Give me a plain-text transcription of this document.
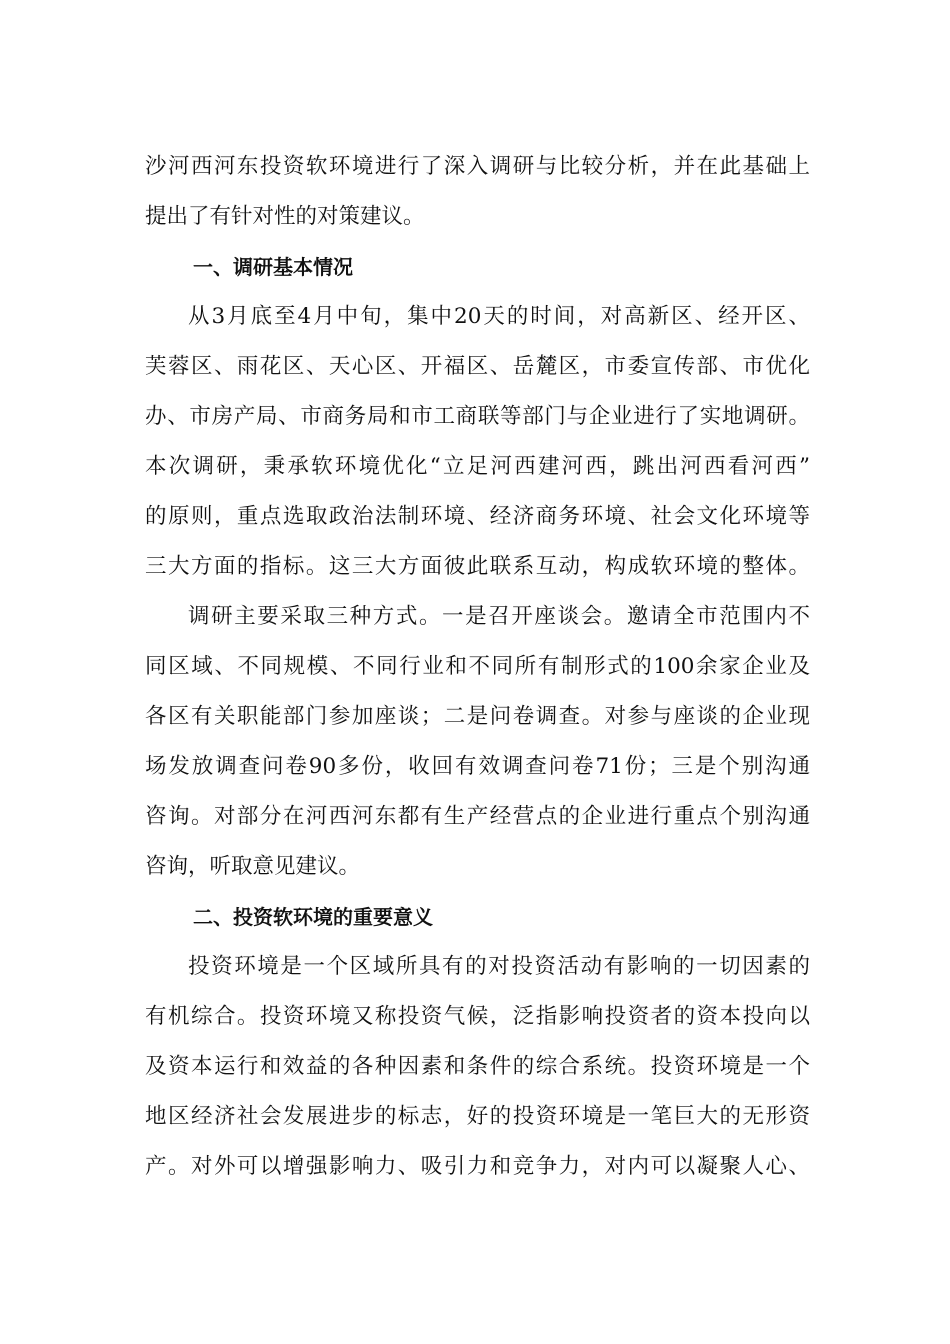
沙河西河东投资软环境进行了深入调研与比较分析，并在此基础上
提出了有针对性的对策建议。
一、调研基本情况
从3月底至4月中旬，集中20天的时间，对高新区、经开区、
芙蓉区、雨花区、天心区、开福区、岳麓区，市委宣传部、市优化
办、市房产局、市商务局和市工商联等部门与企业进行了实地调研。
本次调研，秉承软环境优化“立足河西建河西，跳出河西看河西”
的原则，重点选取政治法制环境、经济商务环境、社会文化环境等
三大方面的指标。这三大方面彼此联系互动，构成软环境的整体。
调研主要采取三种方式。一是召开座谈会。邀请全市范围内不
同区域、不同规模、不同行业和不同所有制形式的100余家企业及
各区有关职能部门参加座谈；二是问卷调查。对参与座谈的企业现
场发放调查问卷90多份，收回有效调查问卷71份；三是个别沟通
咨询。对部分在河西河东都有生产经营点的企业进行重点个别沟通
咨询，听取意见建议。
二、投资软环境的重要意义
投资环境是一个区域所具有的对投资活动有影响的一切因素的
有机综合。投资环境又称投资气候，泛指影响投资者的资本投向以
及资本运行和效益的各种因素和条件的综合系统。投资环境是一个
地区经济社会发展进步的标志，好的投资环境是一笔巨大的无形资
产。对外可以增强影响力、吸引力和竞争力，对内可以凝聚人心、
